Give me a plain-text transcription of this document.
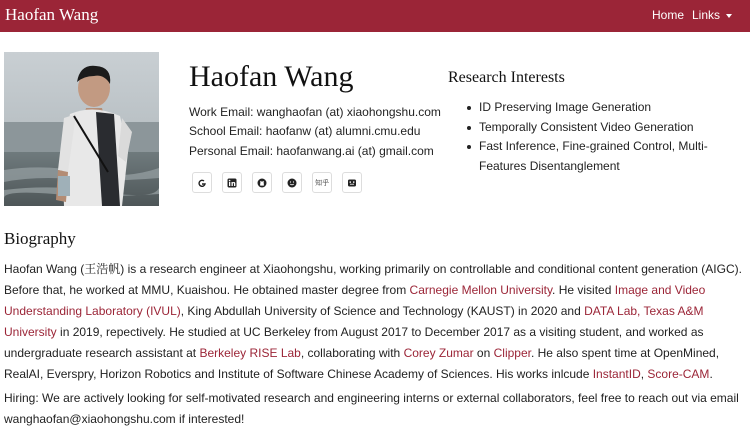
Haofan Wang	Home Links
Haofan Wang
Work Email: wanghaofan (at) xiaohongshu.com
School Email: haofanw (at) alumni.cmu.edu
Personal Email: haofanwang.ai (at) gmail.com
知乎
Research Interests
ID Preserving Image Generation
Temporally Consistent Video Generation
Fast Inference, Fine-grained Control, Multi-Features Disentanglement
Biography

Haofan Wang (王浩帆) is a research engineer at Xiaohongshu, working primarily on controllable and conditional content generation (AIGC). Before that, he worked at MMU, Kuaishou. He obtained master degree from Carnegie Mellon University. He visited Image and Video Understanding Laboratory (IVUL), King Abdullah University of Science and Technology (KAUST) in 2020 and DATA Lab, Texas A&M University in 2019, repectively. He studied at UC Berkeley from August 2017 to December 2017 as a visiting student, and worked as undergraduate research assistant at Berkeley RISE Lab, collaborating with Corey Zumar on Clipper. He also spent time at OpenMined, RealAI, Everspry, Horizon Robotics and Institute of Software Chinese Academy of Sciences. His works inlcude InstantID, Score-CAM.

Hiring: We are actively looking for self-motivated research and engineering interns or external collaborators, feel free to reach out via email wanghaofan@xiaohongshu.com if interested!
